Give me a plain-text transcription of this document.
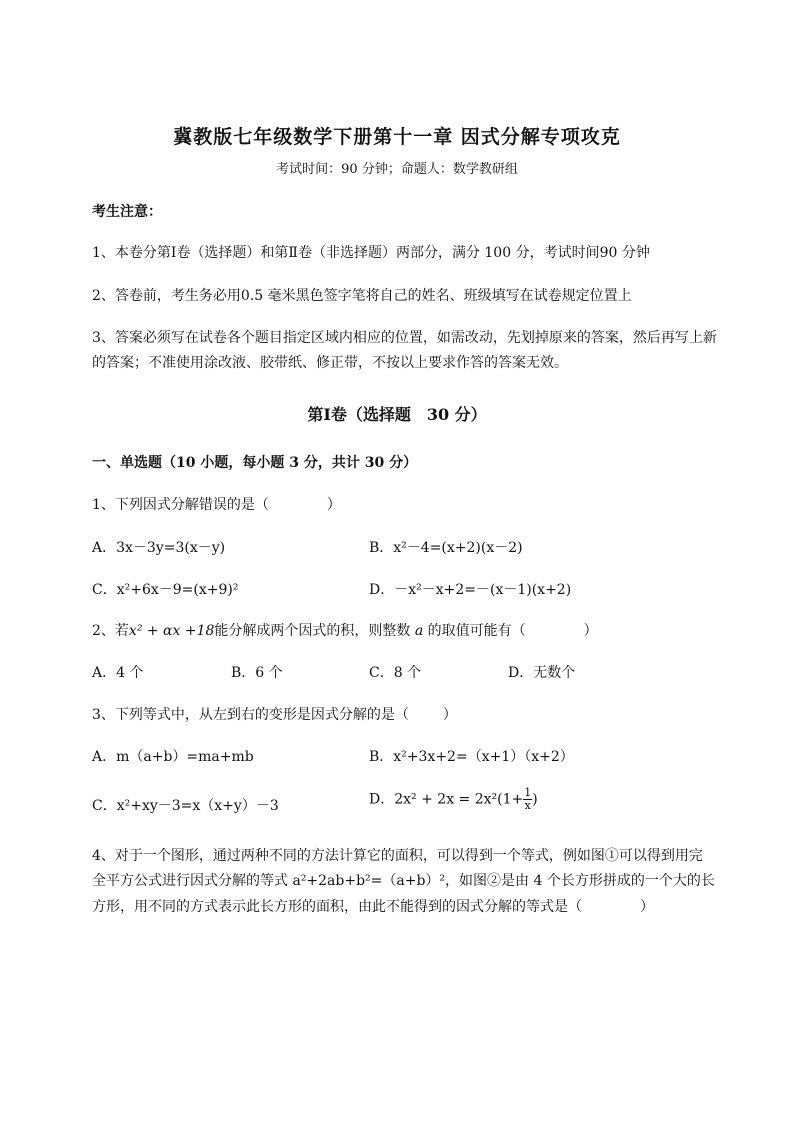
冀教版七年级数学下册第十一章 因式分解专项攻克
考试时间：90 分钟；命题人：数学教研组
考生注意：
1、本卷分第Ⅰ卷（选择题）和第Ⅱ卷（非选择题）两部分，满分 100 分，考试时间90 分钟
2、答卷前，考生务必用0.5 毫米黑色签字笔将自己的姓名、班级填写在试卷规定位置上
3、答案必须写在试卷各个题目指定区域内相应的位置，如需改动，先划掉原来的答案，然后再写上新
的答案；不准使用涂改液、胶带纸、修正带，不按以上要求作答的答案无效。
第Ⅰ卷（选择题　30 分）
一、单选题（10 小题，每小题 3 分，共计 30 分）
1、下列因式分解错误的是（	）
A．3x－3y=3(x－y)	B．x²－4=(x+2)(x－2)
C．x²+6x－9=(x+9)²	D．－x²－x+2=－(x－1)(x+2)
2、若x² + αx +18能分解成两个因式的积，则整数 a 的取值可能有（	）
A．4 个	B．6 个	C．8 个	D．无数个
3、下列等式中，从左到右的变形是因式分解的是（ ）
A．m（a+b）=ma+mb	B．x²+3x+2=（x+1）（x+2）
C．x²+xy－3=x（x+y）－3	D．$2x^2 + 2x = 2x^2(1+ \frac{1}{x}$ )
4、对于一个图形，通过两种不同的方法计算它的面积，可以得到一个等式，例如图①可以得到用完
全平方公式进行因式分解的等式 a²+2ab+b²=（a+b）²，如图②是由 4 个长方形拼成的一个大的长
方形，用不同的方式表示此长方形的面积，由此不能得到的因式分解的等式是（	）
